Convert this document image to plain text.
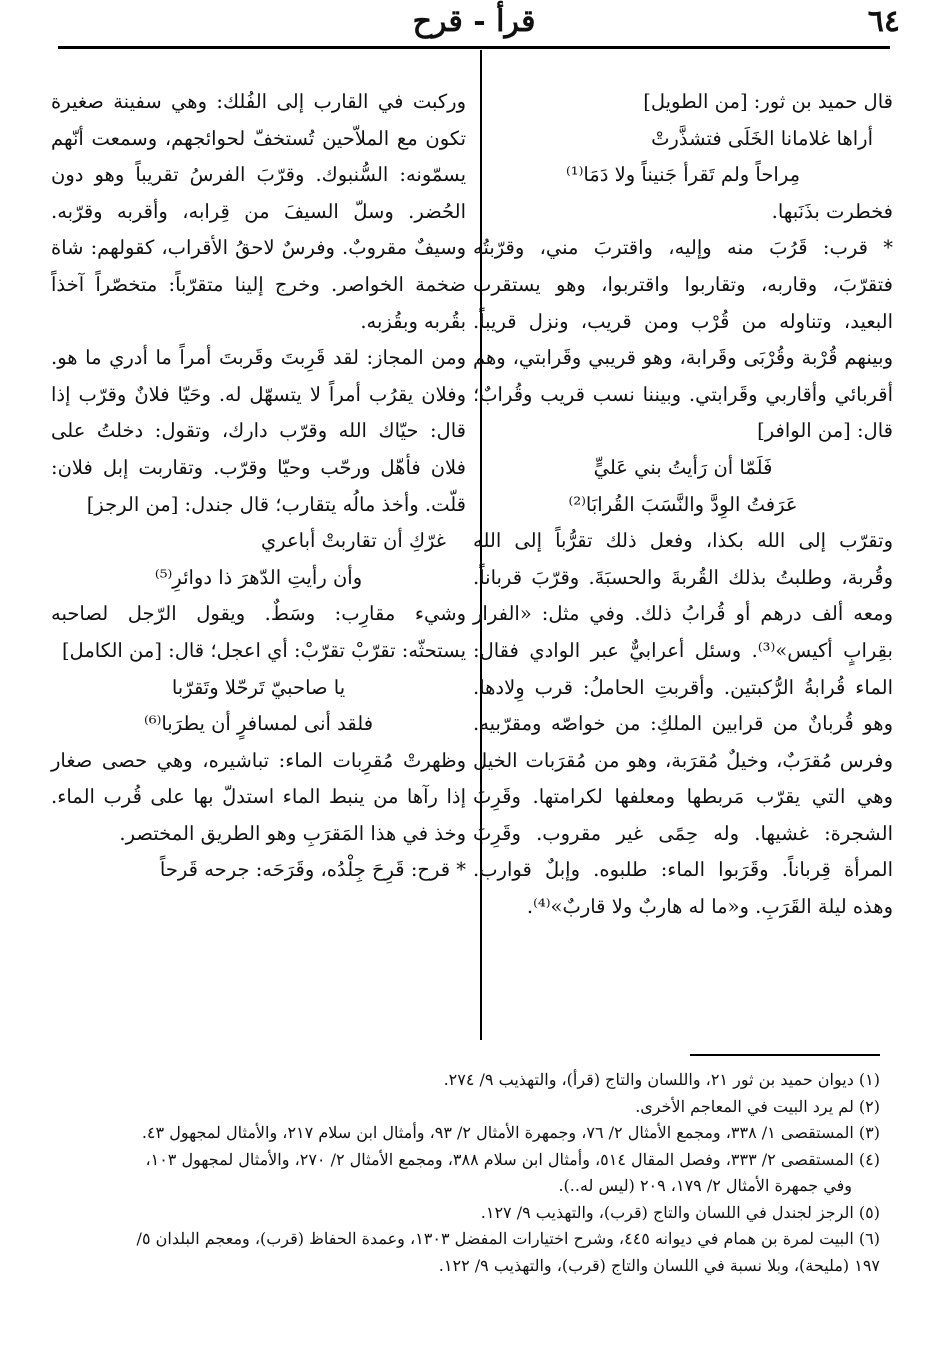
٦٤
قرأ - قرح

قال حميد بن ثور: [من الطويل]

أراها غلامانا الخَلَى فتشذَّرتْ

مِراحاً ولم تَقرأ جَنيناً ولا دَمَا⁽¹⁾

فخطرت بذَنَبها.

* قرب: قَرُبَ منه وإليه، واقتربَ مني، وقرّبتُه فتقرّبَ، وقاربه، وتقاربوا واقتربوا، وهو يستقرب البعيد، وتناوله من قُرْب ومن قريب، ونزل قريباً. وبينهم قُرْبة وقُرْبَى وقَرابة، وهو قريبي وقَرابتي، وهم أقربائي وأقاربي وقَرابتي. وبيننا نسب قريب وقُرابٌ؛ قال: [من الوافر]

فَلَمّا أن رَأيتُ بني عَليٍّ

عَرَفتُ الوِدَّ والنَّسَبَ القُرابَا⁽²⁾

وتقرّب إلى الله بكذا، وفعل ذلك تقرُّباً إلى الله وقُربة، وطلبتُ بذلك القُربةَ والحسبَةَ. وقرّبَ قرباناً. ومعه ألف درهم أو قُرابُ ذلك. وفي مثل: «الفرار بقِرابٍ أكيس»⁽³⁾. وسئل أعرابيٌّ عبر الوادي فقال: الماء قُرابةُ الرُّكبتين. وأقربتِ الحاملُ: قرب وِلادها. وهو قُربانٌ من قرابين الملكِ: من خواصّه ومقرّبيه. وفرس مُقرَبٌ، وخيلٌ مُقرَبة، وهو من مُقرَبات الخيل وهي التي يقرّب مَربطها ومعلفها لكرامتها. وقَرِبَ الشجرة: غشيها. وله حِمًى غير مقروب. وقَرِبَ المرأة قِرباناً. وقَرَبوا الماء: طلبوه. وإبلٌ قوارب. وهذه ليلة القَرَبِ. و«ما له هاربٌ ولا قاربٌ»⁽⁴⁾.

وركبت في القارب إلى الفُلك: وهي سفينة صغيرة تكون مع الملاّحين تُستخفّ لحوائجهم، وسمعت أنّهم يسمّونه: السُّنبوك. وقرّبَ الفرسُ تقريباً وهو دون الحُضر. وسلّ السيفَ من قِرابه، وأقربه وقرّبه. وسيفٌ مقروبٌ. وفرسٌ لاحقُ الأقراب، كقولهم: شاة ضخمة الخواصر. وخرج إلينا متقرّباً: متخصّراً آخذاً بقُربه وبقُزبه.

ومن المجاز: لقد قَرِبتَ وقَربتَ أمراً ما أدري ما هو. وفلان يقرُب أمراً لا يتسهّل له. وحَيّا فلانٌ وقرّب إذا قال: حيّاك الله وقرّب دارك، وتقول: دخلتُ على فلان فأهّل ورحّب وحيّا وقرّب. وتقاربت إبل فلان: قلّت. وأخذ مالُه يتقارب؛ قال جندل: [من الرجز]

غرّكِ أن تقاربتْ أباعري

وأن رأيتِ الدّهرَ ذا دوائرِ⁽⁵⁾

وشيء مقارِب: وسَطٌ. ويقول الرّجل لصاحبه يستحثّه: تقرّبْ تقرّبْ: أي اعجل؛ قال: [من الكامل]

يا صاحبيّ تَرحّلا وتَقرّبا

فلقد أنى لمسافرٍ أن يطرَبا⁽⁶⁾

وظهرتْ مُقرِبات الماء: تباشيره، وهي حصى صغار إذا رآها من ينبط الماء استدلّ بها على قُرب الماء. وخذ في هذا المَقرَبِ وهو الطريق المختصر.

* قرح: قَرِحَ جِلْدُه، وقَرَحَه: جرحه قَرحاً

(١) ديوان حميد بن ثور ٢١، واللسان والتاج (قرأ)، والتهذيب ٩/ ٢٧٤.

(٢) لم يرد البيت في المعاجم الأخرى.

(٣) المستقصى ١/ ٣٣٨، ومجمع الأمثال ٢/ ٧٦، وجمهرة الأمثال ٢/ ٩٣، وأمثال ابن سلام ٢١٧، والأمثال لمجهول ٤٣.

(٤) المستقصى ٢/ ٣٣٣، وفصل المقال ٥١٤، وأمثال ابن سلام ٣٨٨، ومجمع الأمثال ٢/ ٢٧٠، والأمثال لمجهول ١٠٣،

وفي جمهرة الأمثال ٢/ ١٧٩، ٢٠٩ (ليس له..).

(٥) الرجز لجندل في اللسان والتاج (قرب)، والتهذيب ٩/ ١٢٧.

(٦) البيت لمرة بن همام في ديوانه ٤٤٥، وشرح اختيارات المفضل ١٣٠٣، وعمدة الحفاظ (قرب)، ومعجم البلدان ٥/

١٩٧ (مليحة)، وبلا نسبة في اللسان والتاج (قرب)، والتهذيب ٩/ ١٢٢.
